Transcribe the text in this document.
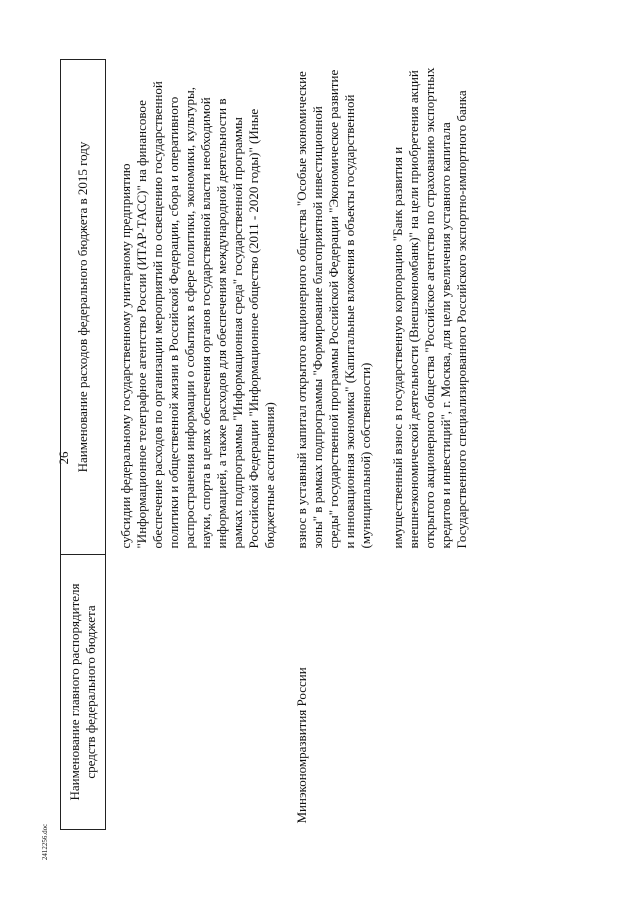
26
Наименование главного распорядителя средств федерального бюджета	Наименование расходов федерального бюджета в 2015 году

	субсидии федеральному государственному унитарному предприятию "Информационное телеграфное агентство России (ИТАР-ТАСС)" на финансовое обеспечение расходов по организации мероприятий по освещению государственной политики и общественной жизни в Российской Федерации, сбора и оперативного распространения информации о событиях в сфере политики, экономики, культуры, науки, спорта в целях обеспечения органов государственной власти необходимой информацией, а также расходов для обеспечения международной деятельности в рамках подпрограммы "Информационная среда" государственной программы Российской Федерации "Информационное общество (2011 - 2020 годы)" (Иные бюджетные ассигнования)

Минэкономразвития России	взнос в уставный капитал открытого акционерного общества "Особые экономические зоны" в рамках подпрограммы "Формирование благоприятной инвестиционной среды" государственной программы Российской Федерации "Экономическое развитие и инновационная экономика" (Капитальные вложения в объекты государственной (муниципальной) собственности) имущественный взнос в государственную корпорацию "Банк развития и внешнеэкономической деятельности (Внешэкономбанк)" на цели приобретения акций открытого акционерного общества "Российское агентство по страхованию экспортных кредитов и инвестиций", г. Москва, для цели увеличения уставного капитала Государственного специализированного Российского экспортно-импортного банка

2412256.doc
